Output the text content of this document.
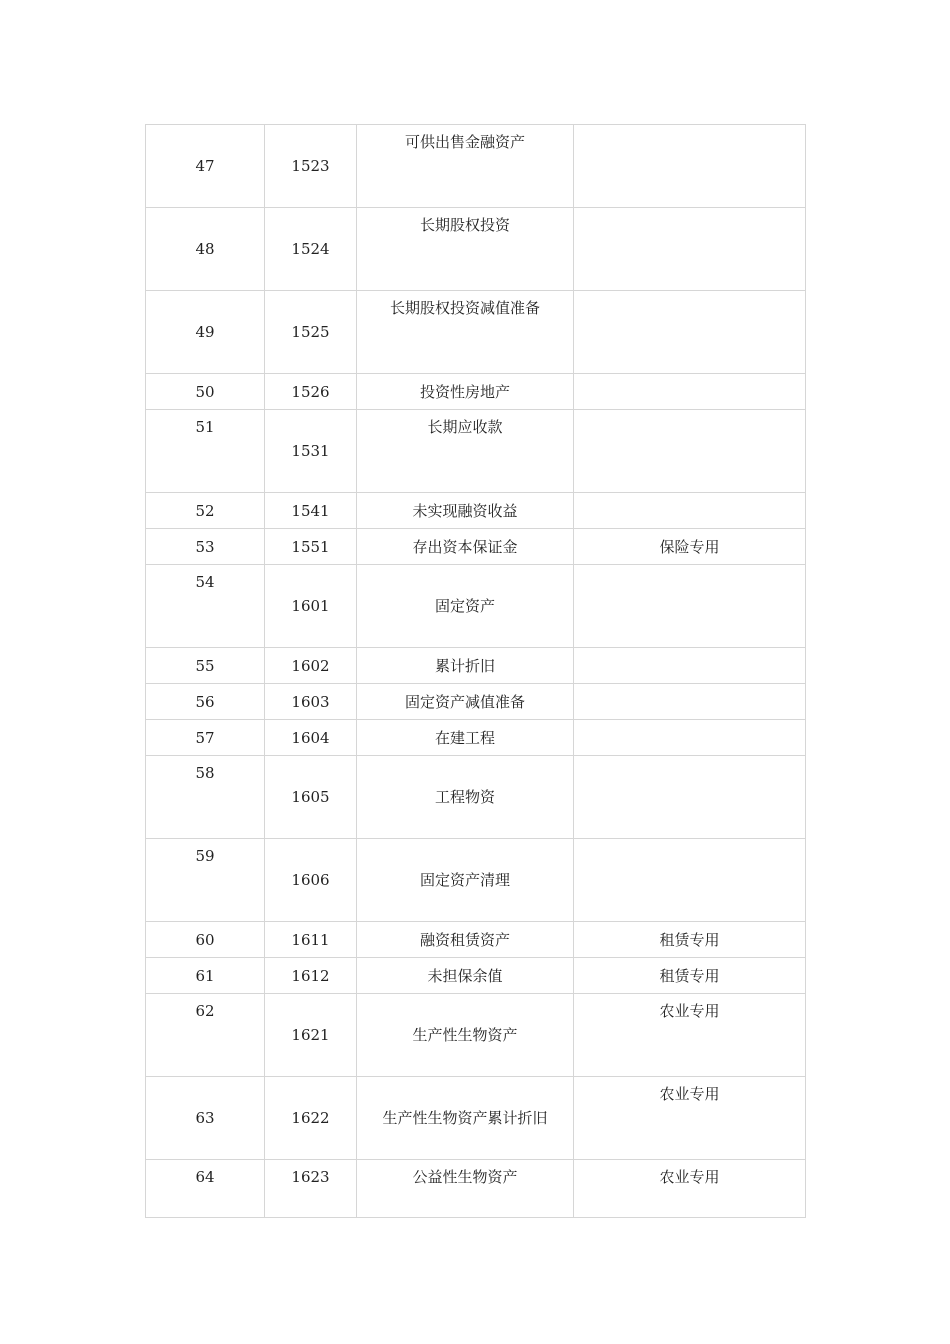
47	1523	可供出售金融资产	

48	1524	长期股权投资	

49	1525	长期股权投资减值准备	

50	1526	投资性房地产	

51	1531	长期应收款	

52	1541	未实现融资收益	

53	1551	存出资本保证金	保险专用

54	1601	固定资产	

55	1602	累计折旧	

56	1603	固定资产减值准备	

57	1604	在建工程	

58	1605	工程物资	

59	1606	固定资产清理	

60	1611	融资租赁资产	租赁专用

61	1612	未担保余值	租赁专用

62	1621	生产性生物资产	农业专用

63	1622	生产性生物资产累计折旧	农业专用

64	1623	公益性生物资产	农业专用
